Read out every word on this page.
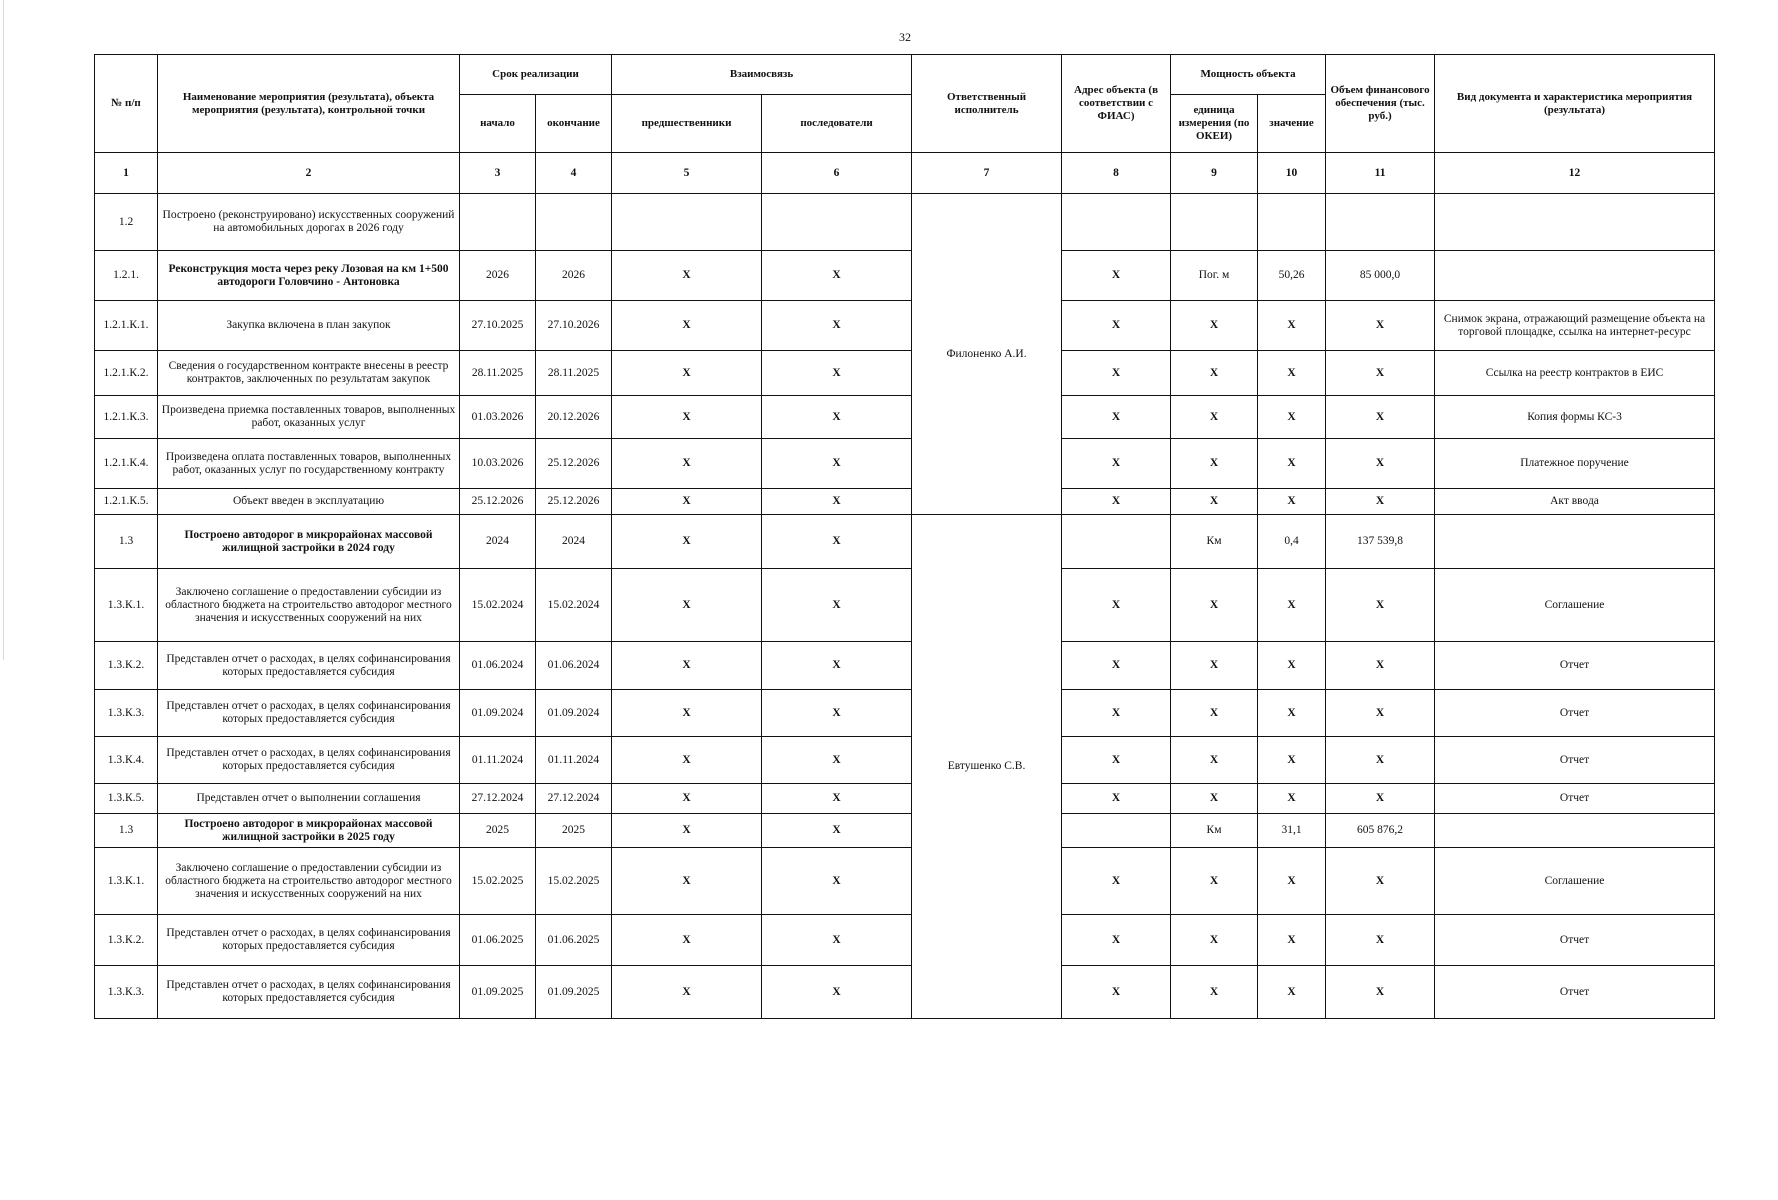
32
№ п/п	Наименование мероприятия (результата), объекта мероприятия (результата), контрольной точки	Срок реализации		Взаимосвязь		Ответственный исполнитель	Адрес объекта (в соответствии с ФИАС)	Мощность объекта		Объем финансового обеспечения (тыс. руб.)	Вид документа и характеристика мероприятия (результата)
		начало	окончание	предшественники	последователи			единица измерения (по ОКЕИ)	значение		
1	2	3	4	5	6	7	8	9	10	11	12
1.2	Построено (реконструировано) искусственных сооружений на автомобильных дорогах в 2026 году					Филоненко А.И.					
1.2.1.	Реконструкция моста через реку Лозовая на км 1+500 автодороги Головчино - Антоновка	2026	2026	X	X		X	Пог. м	50,26	85 000,0	
1.2.1.К.1.	Закупка включена в план закупок	27.10.2025	27.10.2026	X	X		X	X	X	X	Снимок экрана, отражающий размещение объекта на торговой площадке, ссылка на интернет-ресурс
1.2.1.К.2.	Сведения о государственном контракте внесены в реестр контрактов, заключенных по результатам закупок	28.11.2025	28.11.2025	X	X		X	X	X	X	Ссылка на реестр контрактов в ЕИС
1.2.1.К.3.	Произведена приемка поставленных товаров, выполненных работ, оказанных услуг	01.03.2026	20.12.2026	X	X		X	X	X	X	Копия формы КС-3
1.2.1.К.4.	Произведена оплата поставленных товаров, выполненных работ, оказанных услуг по государственному контракту	10.03.2026	25.12.2026	X	X		X	X	X	X	Платежное поручение
1.2.1.К.5.	Объект введен в эксплуатацию	25.12.2026	25.12.2026	X	X		X	X	X	X	Акт ввода
1.3	Построено автодорог в микрорайонах массовой жилищной застройки в 2024 году	2024	2024	X	X	Евтушенко С.В.		Км	0,4	137 539,8	
1.3.К.1.	Заключено соглашение о предоставлении субсидии из областного бюджета на строительство автодорог местного значения и искусственных сооружений на них	15.02.2024	15.02.2024	X	X		X	X	X	X	Соглашение
1.3.К.2.	Представлен отчет о расходах, в целях софинансирования которых предоставляется субсидия	01.06.2024	01.06.2024	X	X		X	X	X	X	Отчет
1.3.К.3.	Представлен отчет о расходах, в целях софинансирования которых предоставляется субсидия	01.09.2024	01.09.2024	X	X		X	X	X	X	Отчет
1.3.К.4.	Представлен отчет о расходах, в целях софинансирования которых предоставляется субсидия	01.11.2024	01.11.2024	X	X		X	X	X	X	Отчет
1.3.К.5.	Представлен отчет о выполнении соглашения	27.12.2024	27.12.2024	X	X		X	X	X	X	Отчет
1.3	Построено автодорог в микрорайонах массовой жилищной застройки в 2025 году	2025	2025	X	X			Км	31,1	605 876,2	
1.3.К.1.	Заключено соглашение о предоставлении субсидии из областного бюджета на строительство автодорог местного значения и искусственных сооружений на них	15.02.2025	15.02.2025	X	X		X	X	X	X	Соглашение
1.3.К.2.	Представлен отчет о расходах, в целях софинансирования которых предоставляется субсидия	01.06.2025	01.06.2025	X	X		X	X	X	X	Отчет
1.3.К.3.	Представлен отчет о расходах, в целях софинансирования которых предоставляется субсидия	01.09.2025	01.09.2025	X	X		X	X	X	X	Отчет
